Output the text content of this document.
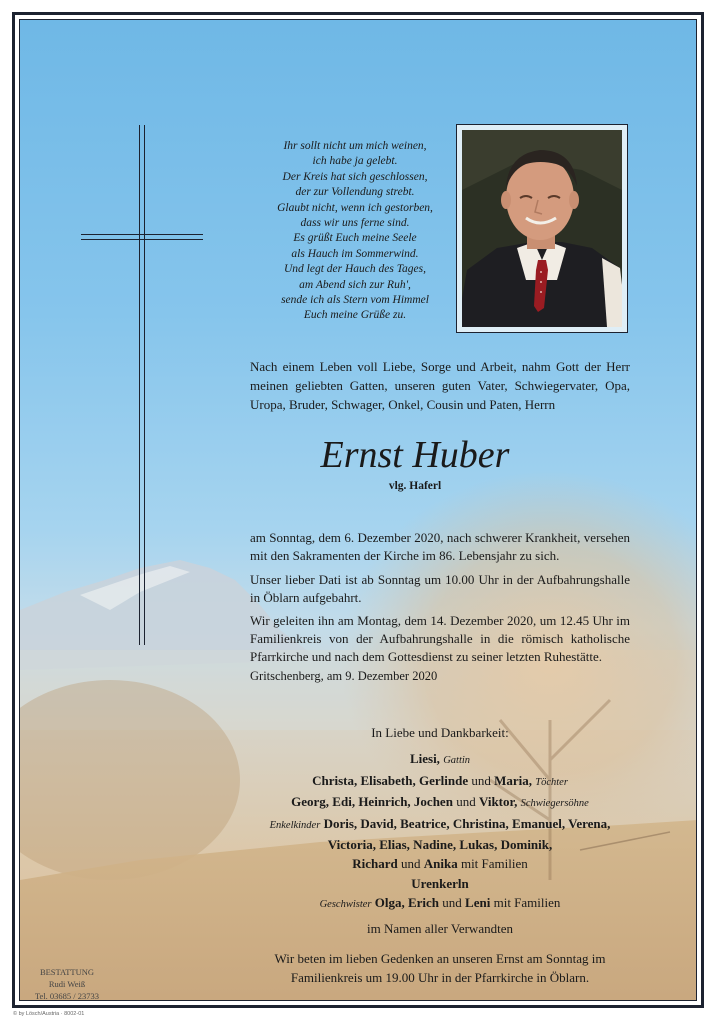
Ihr sollt nicht um mich weinen,
ich habe ja gelebt.
Der Kreis hat sich geschlossen,
der zur Vollendung strebt.
Glaubt nicht, wenn ich gestorben,
dass wir uns ferne sind.
Es grüßt Euch meine Seele
als Hauch im Sommerwind.
Und legt der Hauch des Tages,
am Abend sich zur Ruh',
sende ich als Stern vom Himmel
Euch meine Grüße zu.
Nach einem Leben voll Liebe, Sorge und Arbeit, nahm Gott der Herr meinen geliebten Gatten, unseren guten Vater, Schwiegervater, Opa, Uropa, Bruder, Schwager, Onkel, Cousin und Paten, Herrn
Ernst Huber
vlg. Haferl
am Sonntag, dem 6. Dezember 2020, nach schwerer Krankheit, versehen mit den Sakramenten der Kirche im 86. Lebensjahr zu sich.
Unser lieber Dati ist ab Sonntag um 10.00 Uhr in der Aufbahrungshalle in Öblarn aufgebahrt.
Wir geleiten ihn am Montag, dem 14. Dezember 2020, um 12.45 Uhr im Familienkreis von der Aufbahrungshalle in die römisch katholische Pfarrkirche und nach dem Gottesdienst zu seiner letzten Ruhestätte.
Gritschenberg, am 9. Dezember 2020
In Liebe und Dankbarkeit:
Liesi, Gattin
Christa, Elisabeth, Gerlinde und Maria, Töchter
Georg, Edi, Heinrich, Jochen und Viktor, Schwiegersöhne
Enkelkinder Doris, David, Beatrice, Christina, Emanuel, Verena,
Victoria, Elias, Nadine, Lukas, Dominik,
Richard und Anika mit Familien
Urenkerln
Geschwister Olga, Erich und Leni mit Familien
im Namen aller Verwandten
Wir beten im lieben Gedenken an unseren Ernst am Sonntag im Familienkreis um 19.00 Uhr in der Pfarrkirche in Öblarn.
BESTATTUNG
Rudi Weiß
Tel. 03685 / 23733
© by Lösch/Austria · 8002-01
